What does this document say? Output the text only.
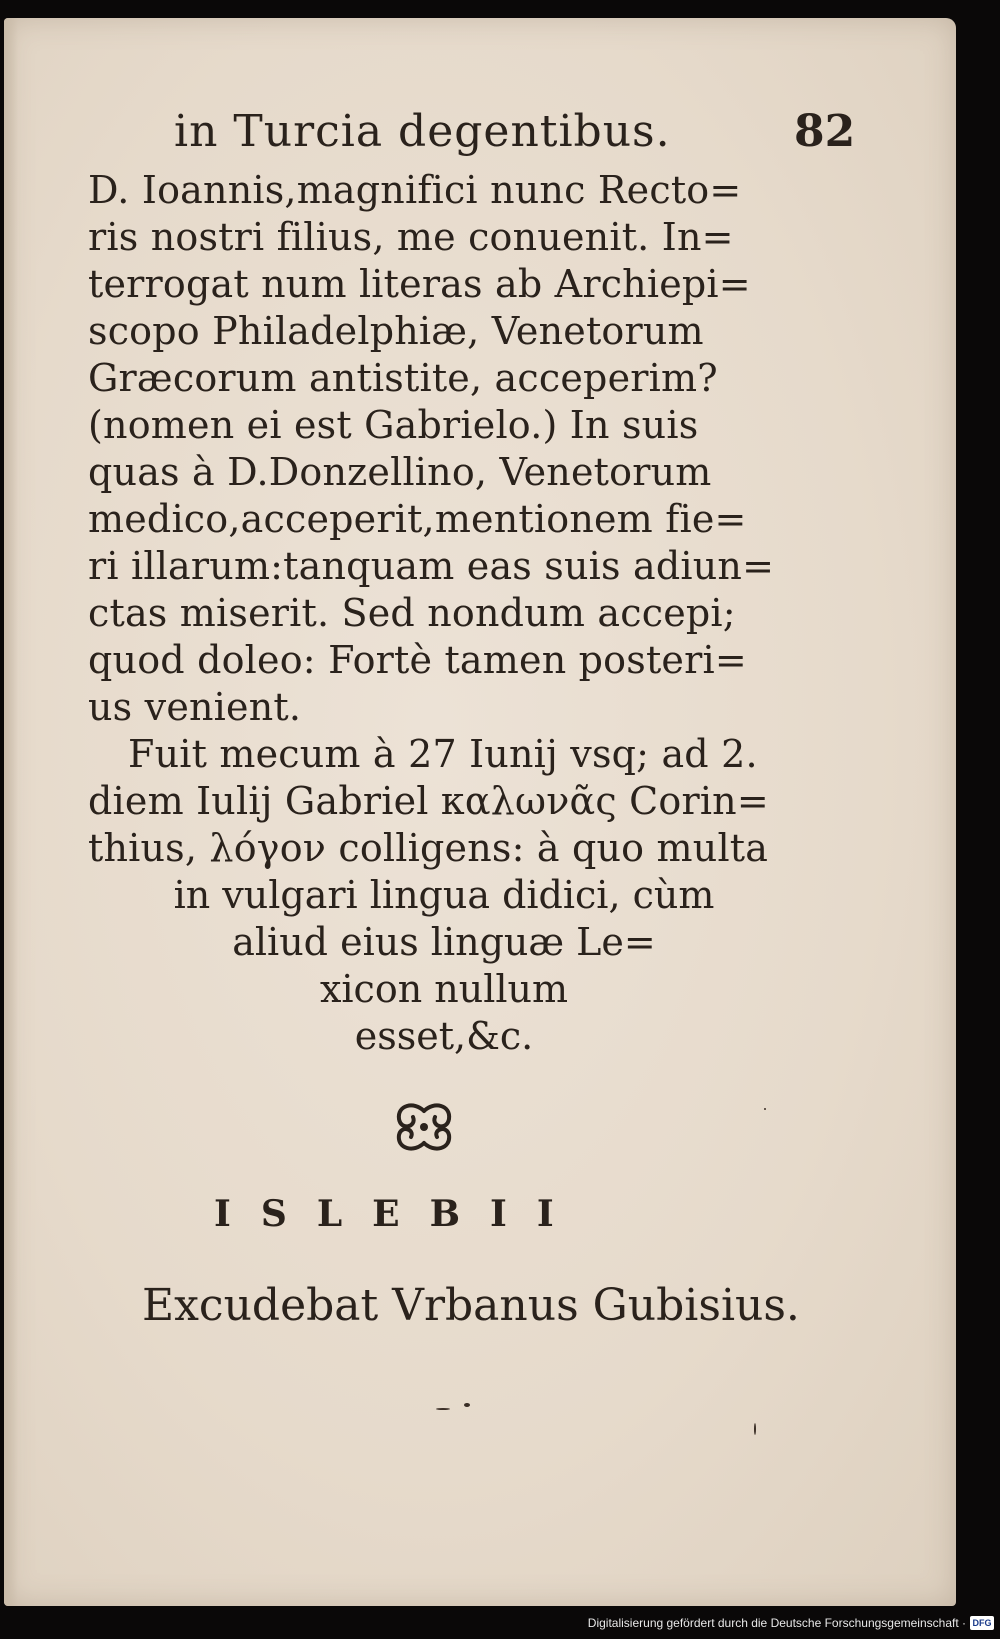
in Turcia degentibus.	82
D. Ioannis,magnifici nunc Recto=
ris nostri filius, me conuenit. In=
terrogat num literas ab Archiepi=
scopo Philadelphiæ, Venetorum
Græcorum antistite, acceperim?
(nomen ei est Gabrielo.) In suis
quas à D.Donzellino, Venetorum
medico,acceperit,mentionem fie=
ri illarum:tanquam eas suis adiun=
ctas miserit. Sed nondum accepi;
quod doleo: Fortè tamen posteri=
us venient.
Fuit mecum à 27 Iunij vsq; ad 2.
diem Iulij Gabriel καλωνᾶς Corin=
thius, λόγον colligens: à quo multa
in vulgari lingua didici, cùm
aliud eius linguæ Le=
xicon nullum
esset,&c.
ISLEBII
Excudebat Vrbanus Gubisius.
Digitalisierung gefördert durch die Deutsche Forschungsgemeinschaft · DFG
